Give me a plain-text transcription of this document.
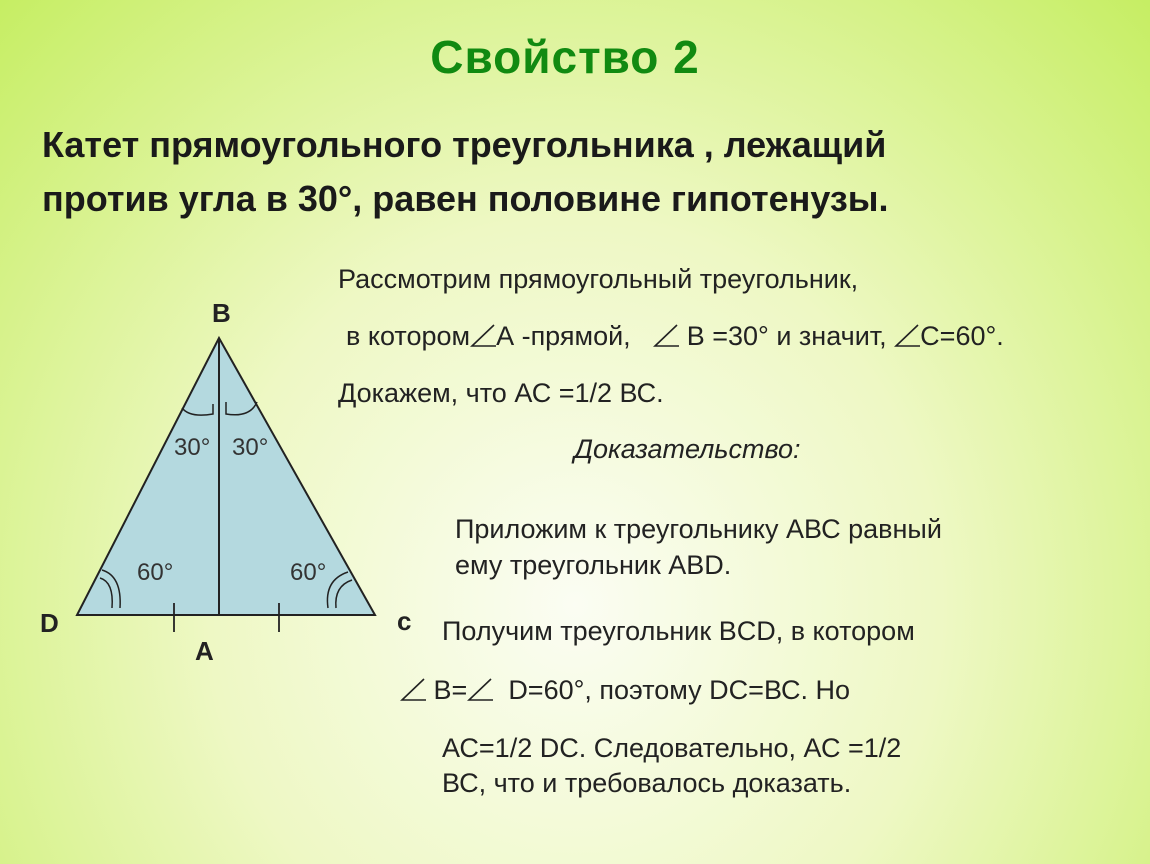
Свойство 2
Катет прямоугольного треугольника , лежащий
против угла в 30°, равен половине гипотенузы.
Рассмотрим прямоугольный треугольник,
в котором А -прямой, В =30° и значит, С=60°.
Докажем, что АС =1/2 ВС.
Доказательство:
Приложим к треугольнику АВС равный
ему треугольник АВD.
Получим треугольник ВCD, в котором
В= D=60°, поэтому DC=ВС. Но
АС=1/2 DC. Следовательно, АС =1/2
ВС, что и требовалось доказать.
30° 30°
60°	60°
B
D
A
c
